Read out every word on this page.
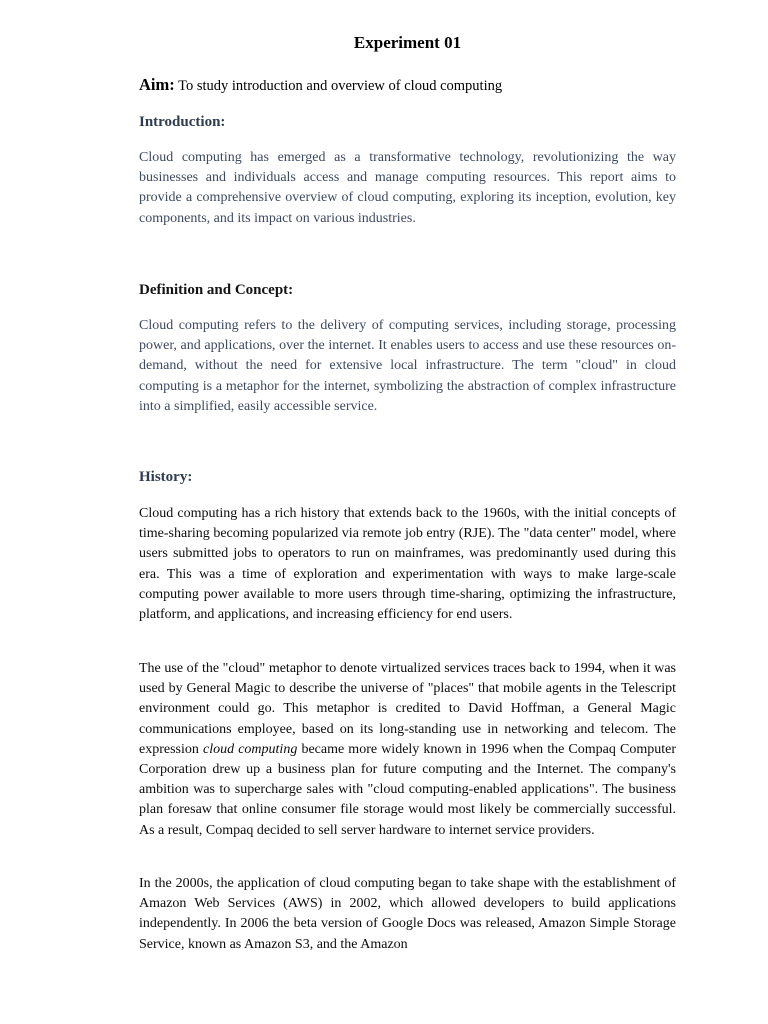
Experiment 01

Aim: To study introduction and overview of cloud computing

Introduction:

Cloud computing has emerged as a transformative technology, revolutionizing the way businesses and individuals access and manage computing resources. This report aims to provide a comprehensive overview of cloud computing, exploring its inception, evolution, key components, and its impact on various industries.

Definition and Concept:

Cloud computing refers to the delivery of computing services, including storage, processing power, and applications, over the internet. It enables users to access and use these resources on-demand, without the need for extensive local infrastructure. The term "cloud" in cloud computing is a metaphor for the internet, symbolizing the abstraction of complex infrastructure into a simplified, easily accessible service.

History:

Cloud computing has a rich history that extends back to the 1960s, with the initial concepts of time-sharing becoming popularized via remote job entry (RJE). The "data center" model, where users submitted jobs to operators to run on mainframes, was predominantly used during this era. This was a time of exploration and experimentation with ways to make large-scale computing power available to more users through time-sharing, optimizing the infrastructure, platform, and applications, and increasing efficiency for end users.

The use of the "cloud" metaphor to denote virtualized services traces back to 1994, when it was used by General Magic to describe the universe of "places" that mobile agents in the Telescript environment could go. This metaphor is credited to David Hoffman, a General Magic communications employee, based on its long-standing use in networking and telecom. The expression cloud computing became more widely known in 1996 when the Compaq Computer Corporation drew up a business plan for future computing and the Internet. The company's ambition was to supercharge sales with "cloud computing-enabled applications". The business plan foresaw that online consumer file storage would most likely be commercially successful. As a result, Compaq decided to sell server hardware to internet service providers.

In the 2000s, the application of cloud computing began to take shape with the establishment of Amazon Web Services (AWS) in 2002, which allowed developers to build applications independently. In 2006 the beta version of Google Docs was released, Amazon Simple Storage Service, known as Amazon S3, and the Amazon
